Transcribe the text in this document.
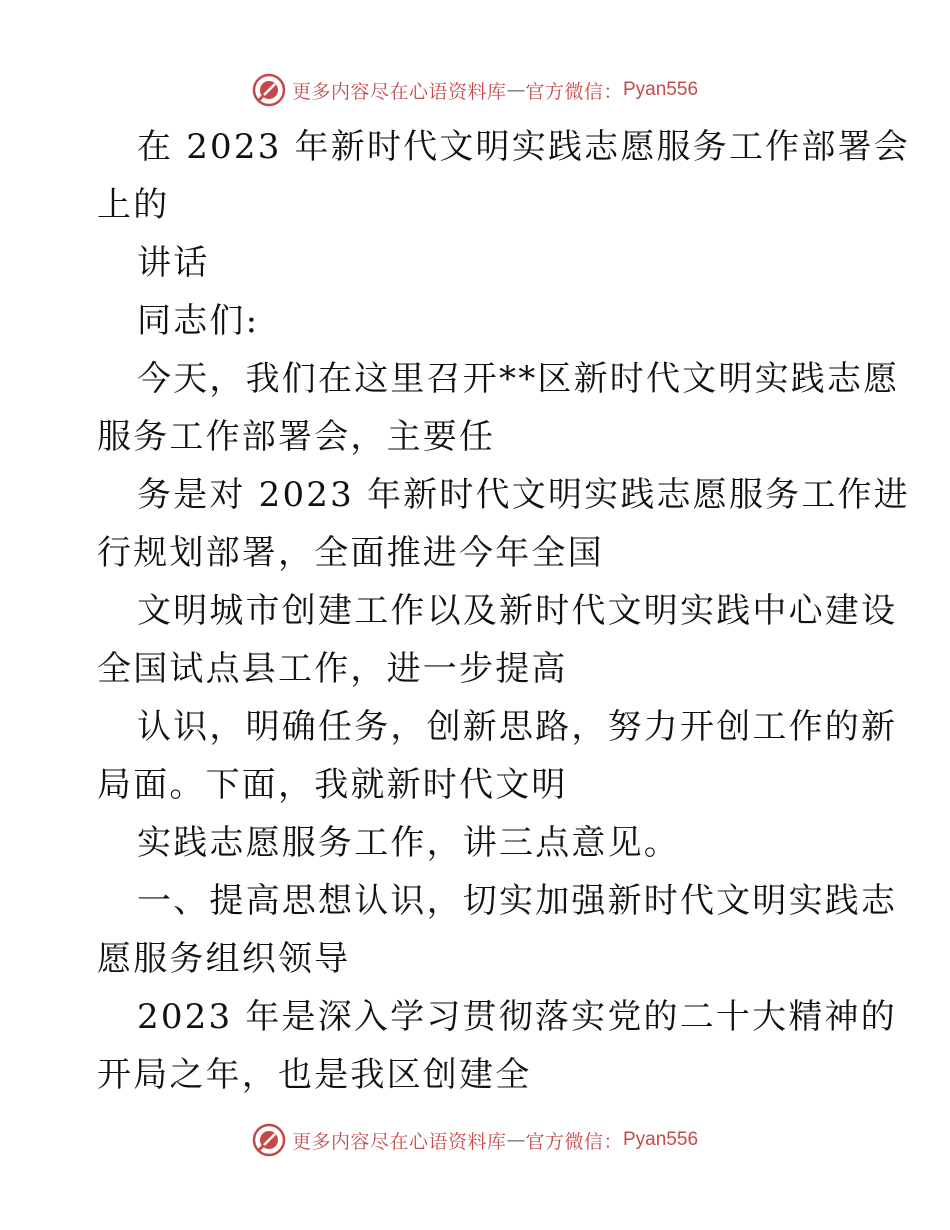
更多内容尽在心语资料库 — 官方微信： Pyan556
在 2023 年新时代文明实践志愿服务工作部署会
上的
讲话
同志们:
今天，我们在这里召开**区新时代文明实践志愿
服务工作部署会，主要任
务是对 2023 年新时代文明实践志愿服务工作进
行规划部署，全面推进今年全国
文明城市创建工作以及新时代文明实践中心建设
全国试点县工作，进一步提高
认识，明确任务，创新思路，努力开创工作的新
局面。下面，我就新时代文明
实践志愿服务工作，讲三点意见。
一、提高思想认识，切实加强新时代文明实践志
愿服务组织领导
2023 年是深入学习贯彻落实党的二十大精神的
开局之年，也是我区创建全
更多内容尽在心语资料库 — 官方微信： Pyan556
